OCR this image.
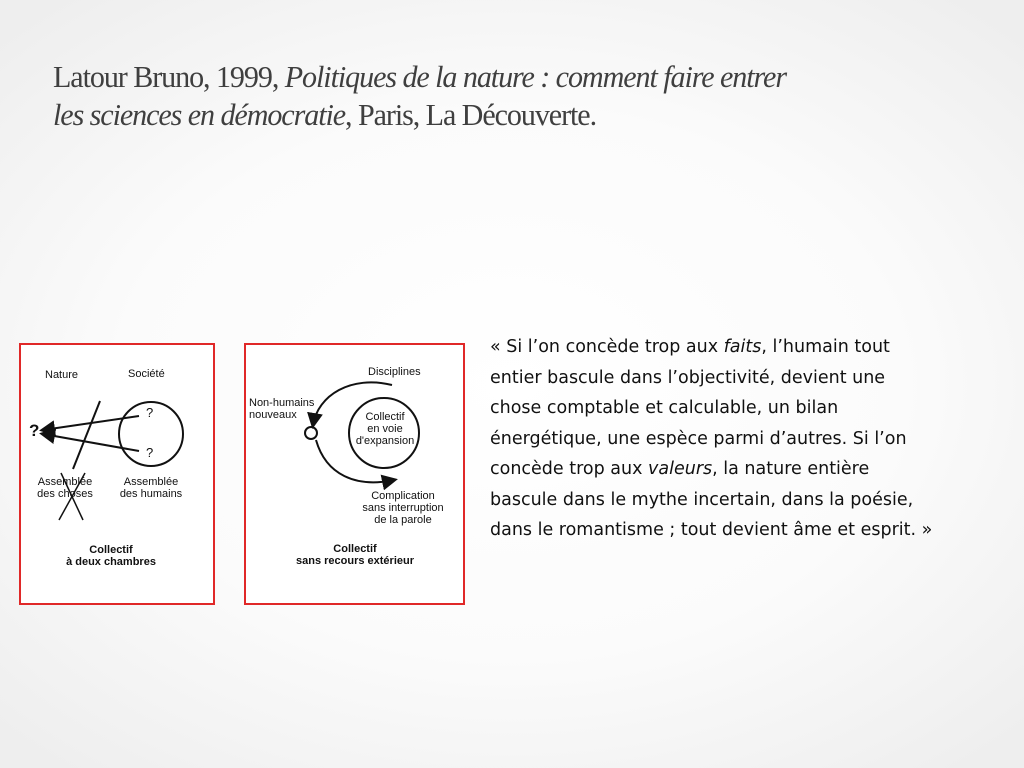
Latour Bruno, 1999, Politiques de la nature : comment faire entrer
les sciences en démocratie, Paris, La Découverte.
Nature	Société
?
?
?
Assemblée
des choses
Assemblée
des humains
Collectif
à deux chambres
Disciplines
Non-humains
nouveaux	Collectif
en voie
d'expansion
Complication
sans interruption
de la parole
Collectif
sans recours extérieur
« Si l’on concède trop aux faits, l’humain tout entier bascule dans l’objectivité, devient une chose comptable et calculable, un bilan énergétique, une espèce parmi d’autres. Si l’on concède trop aux valeurs, la nature entière bascule dans le mythe incertain, dans la poésie, dans le romantisme ; tout devient âme et esprit. »
